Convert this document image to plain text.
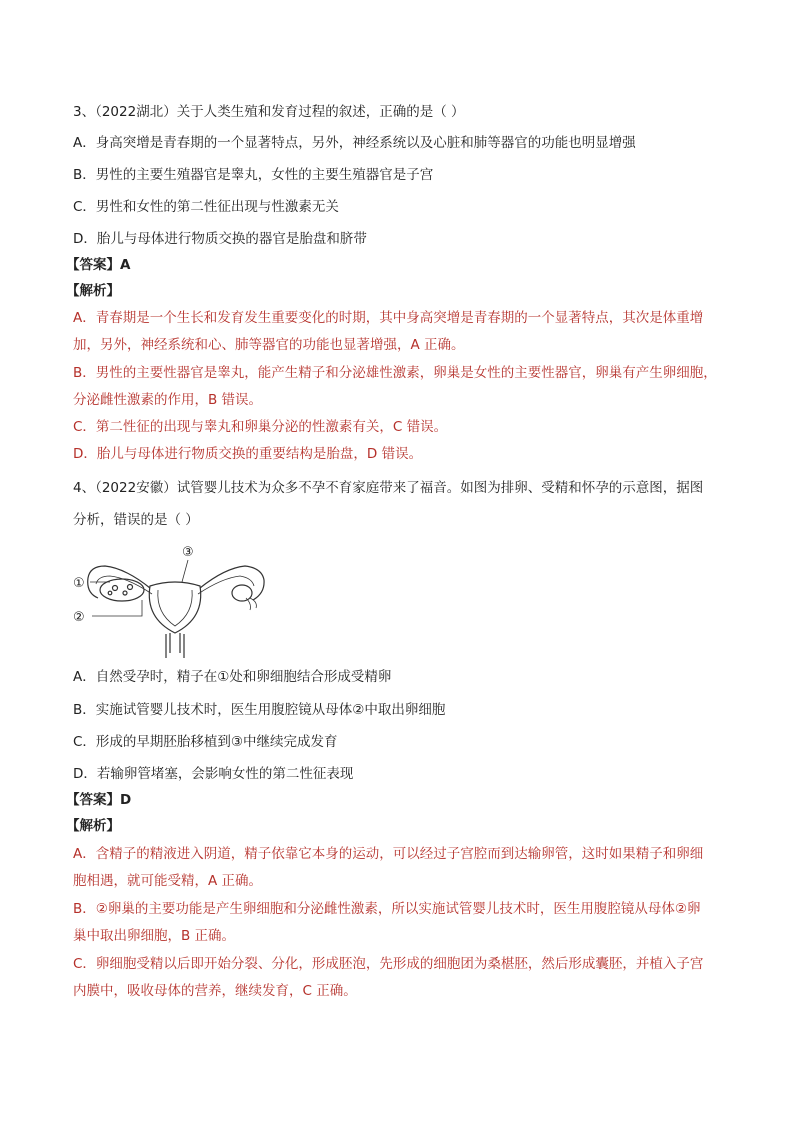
3、（2022湖北）关于人类生殖和发育过程的叙述，正确的是（ ）
A．身高突增是青春期的一个显著特点，另外，神经系统以及心脏和肺等器官的功能也明显增强
B．男性的主要生殖器官是睾丸，女性的主要生殖器官是子宫
C．男性和女性的第二性征出现与性激素无关
D．胎儿与母体进行物质交换的器官是胎盘和脐带
【答案】A
【解析】
A．青春期是一个生长和发育发生重要变化的时期，其中身高突增是青春期的一个显著特点，其次是体重增
加，另外，神经系统和心、肺等器官的功能也显著增强，A 正确。
B．男性的主要性器官是睾丸，能产生精子和分泌雄性激素，卵巢是女性的主要性器官，卵巢有产生卵细胞，
分泌雌性激素的作用，B 错误。
C．第二性征的出现与睾丸和卵巢分泌的性激素有关，C 错误。
D．胎儿与母体进行物质交换的重要结构是胎盘，D 错误。
4、（2022安徽）试管婴儿技术为众多不孕不育家庭带来了福音。如图为排卵、受精和怀孕的示意图，据图
分析，错误的是（ ）
①
②
③
A．自然受孕时，精子在①处和卵细胞结合形成受精卵
B．实施试管婴儿技术时，医生用腹腔镜从母体②中取出卵细胞
C．形成的早期胚胎移植到③中继续完成发育
D．若输卵管堵塞，会影响女性的第二性征表现
【答案】D
【解析】
A．含精子的精液进入阴道，精子依靠它本身的运动，可以经过子宫腔而到达输卵管，这时如果精子和卵细
胞相遇，就可能受精，A 正确。
B．②卵巢的主要功能是产生卵细胞和分泌雌性激素，所以实施试管婴儿技术时，医生用腹腔镜从母体②卵
巢中取出卵细胞，B 正确。
C．卵细胞受精以后即开始分裂、分化，形成胚泡，先形成的细胞团为桑椹胚，然后形成囊胚，并植入子宫
内膜中，吸收母体的营养，继续发育，C 正确。
